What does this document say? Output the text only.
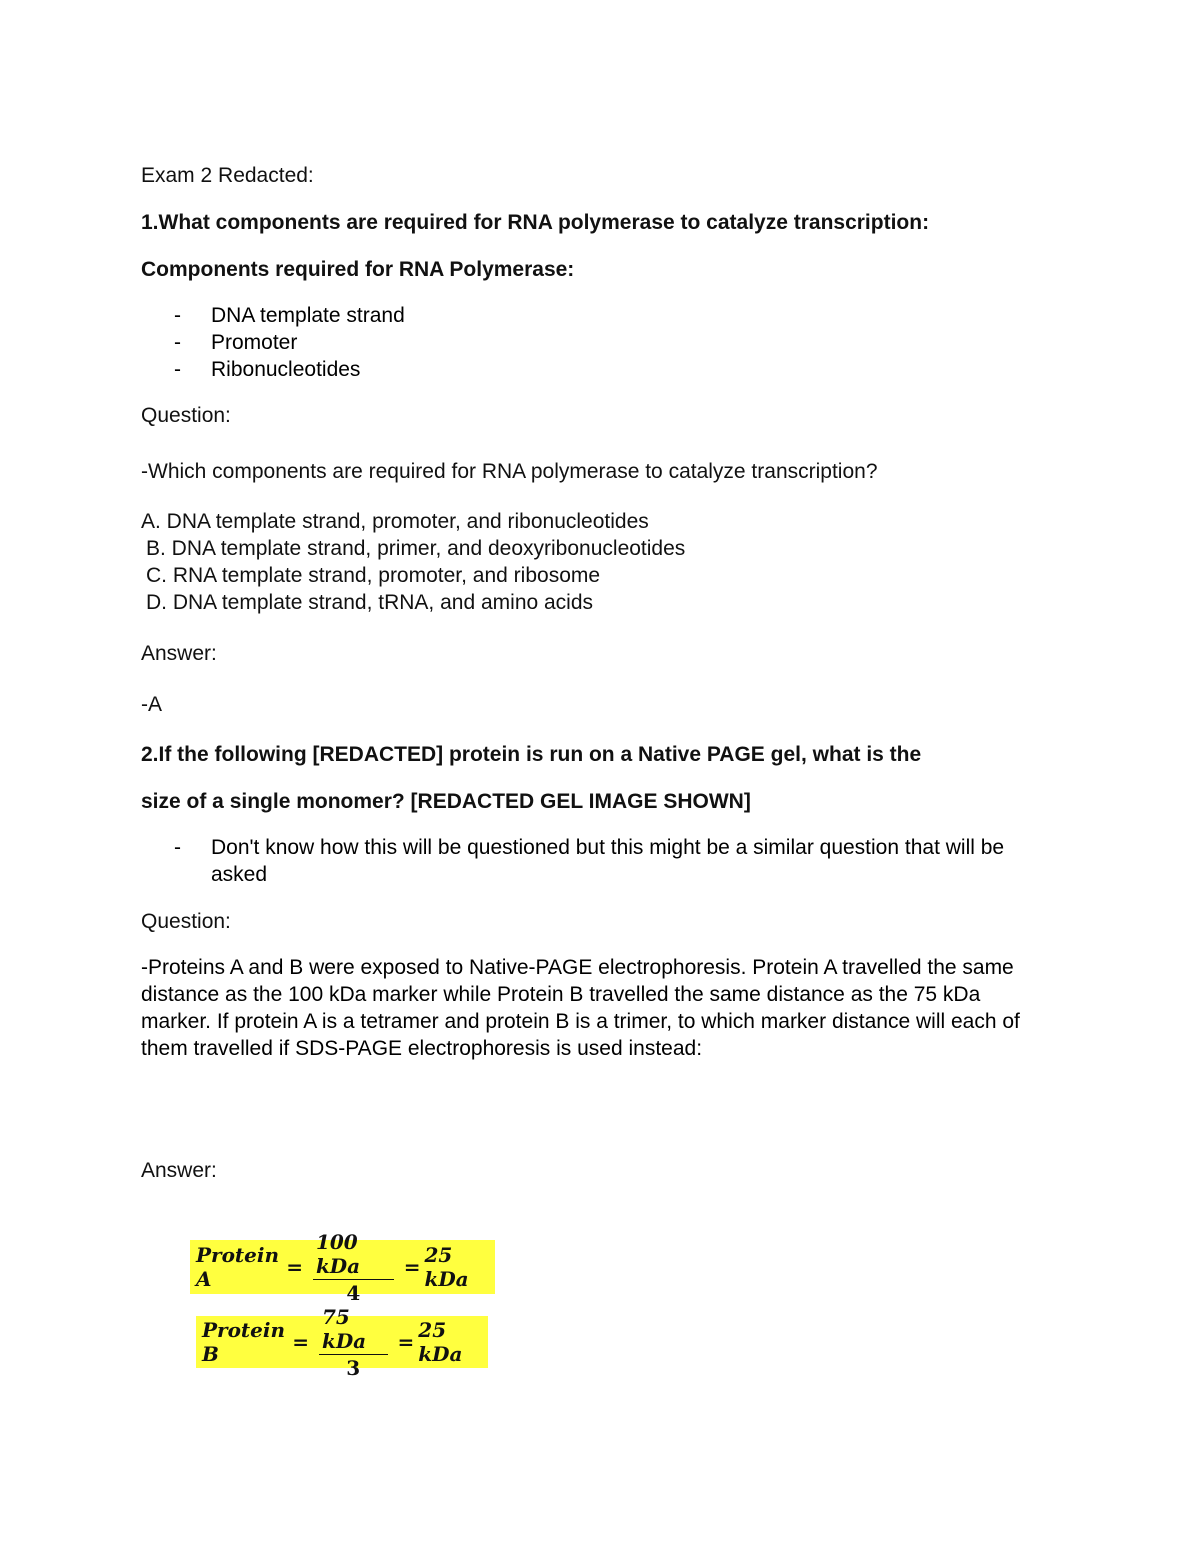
Exam 2 Redacted:
1.What components are required for RNA polymerase to catalyze transcription:
Components required for RNA Polymerase:
- DNA template strand
- Promoter
- Ribonucleotides
Question:
-Which components are required for RNA polymerase to catalyze transcription?
A. DNA template strand, promoter, and ribonucleotides
B. DNA template strand, primer, and deoxyribonucleotides
C. RNA template strand, promoter, and ribosome
D. DNA template strand, tRNA, and amino acids
Answer:
-A
2.If the following [REDACTED] protein is run on a Native PAGE gel, what is the
size of a single monomer? [REDACTED GEL IMAGE SHOWN]
- Don't know how this will be questioned but this might be a similar question that will be asked
Question:
-Proteins A and B were exposed to Native-PAGE electrophoresis. Protein A travelled the same distance as the 100 kDa marker while Protein B travelled the same distance as the 75 kDa marker. If protein A is a tetramer and protein B is a trimer, to which marker distance will each of them travelled if SDS-PAGE electrophoresis is used instead:
Answer:
Protein A	= $\frac{\text{100 kDa}}{4} = 25$ kDa
Protein B	= $\frac{\text{75 kDa}}{3} = 25$ kDa
